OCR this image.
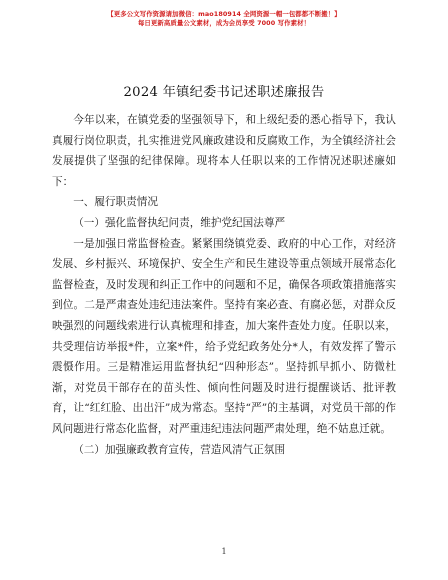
【更多公文写作资源请加微信：mao180914 全网资源一帽一包都都不断搬！】
每日更新高质量公文素材，成为会员享受 7000 写作素材！
2024 年镇纪委书记述职述廉报告

今年以来，在镇党委的坚强领导下，和上级纪委的悉心指导下，我认真履行岗位职责，扎实推进党风廉政建设和反腐败工作，为全镇经济社会发展提供了坚强的纪律保障。现将本人任职以来的工作情况述职述廉如下：

一、履行职责情况

（一）强化监督执纪问责，维护党纪国法尊严

一是加强日常监督检查。紧紧围绕镇党委、政府的中心工作，对经济发展、乡村振兴、环境保护、安全生产和民生建设等重点领域开展常态化监督检查，及时发现和纠正工作中的问题和不足，确保各项政策措施落实到位。二是严肃查处违纪违法案件。坚持有案必查、有腐必惩，对群众反映强烈的问题线索进行认真梳理和排查，加大案件查处力度。任职以来，共受理信访举报*件，立案*件，给予党纪政务处分*人，有效发挥了警示震慑作用。三是精准运用监督执纪“四种形态”。坚持抓早抓小、防微杜渐，对党员干部存在的苗头性、倾向性问题及时进行提醒谈话、批评教育，让“红红脸、出出汗”成为常态。坚持“严”的主基调，对党员干部的作风问题进行常态化监督，对严重违纪违法问题严肃处理，绝不姑息迁就。

（二）加强廉政教育宣传，营造风清气正氛围

1
